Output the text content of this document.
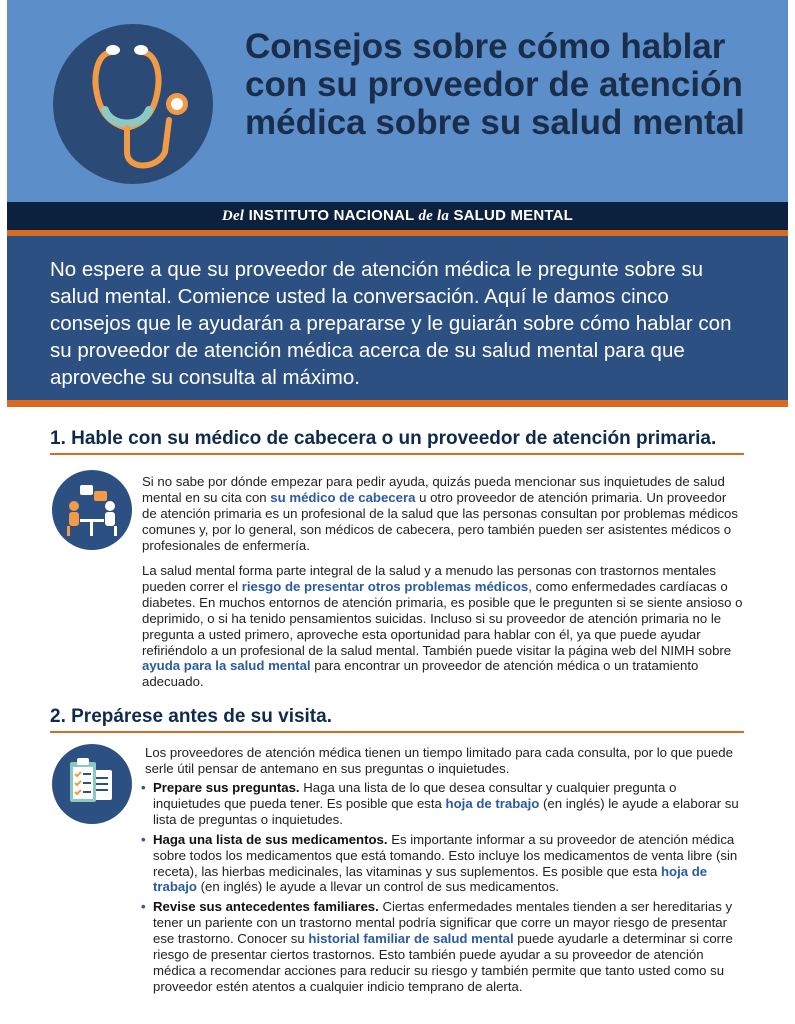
Consejos sobre cómo hablar con su proveedor de atención médica sobre su salud mental
Del INSTITUTO NACIONAL de la SALUD MENTAL

No espere a que su proveedor de atención médica le pregunte sobre su salud mental. Comience usted la conversación. Aquí le damos cinco consejos que le ayudarán a prepararse y le guiarán sobre cómo hablar con su proveedor de atención médica acerca de su salud mental para que aproveche su consulta al máximo.

1. Hable con su médico de cabecera o un proveedor de atención primaria.

Si no sabe por dónde empezar para pedir ayuda, quizás pueda mencionar sus inquietudes de salud mental en su cita con su médico de cabecera u otro proveedor de atención primaria. Un proveedor de atención primaria es un profesional de la salud que las personas consultan por problemas médicos comunes y, por lo general, son médicos de cabecera, pero también pueden ser asistentes médicos o profesionales de enfermería.

La salud mental forma parte integral de la salud y a menudo las personas con trastornos mentales pueden correr el riesgo de presentar otros problemas médicos, como enfermedades cardíacas o diabetes. En muchos entornos de atención primaria, es posible que le pregunten si se siente ansioso o deprimido, o si ha tenido pensamientos suicidas. Incluso si su proveedor de atención primaria no le pregunta a usted primero, aproveche esta oportunidad para hablar con él, ya que puede ayudar refiriéndolo a un profesional de la salud mental. También puede visitar la página web del NIMH sobre ayuda para la salud mental para encontrar un proveedor de atención médica o un tratamiento adecuado.

2. Prepárese antes de su visita.

Los proveedores de atención médica tienen un tiempo limitado para cada consulta, por lo que puede serle útil pensar de antemano en sus preguntas o inquietudes.

• Prepare sus preguntas. Haga una lista de lo que desea consultar y cualquier pregunta o inquietudes que pueda tener. Es posible que esta hoja de trabajo (en inglés) le ayude a elaborar su lista de preguntas o inquietudes.
• Haga una lista de sus medicamentos. Es importante informar a su proveedor de atención médica sobre todos los medicamentos que está tomando. Esto incluye los medicamentos de venta libre (sin receta), las hierbas medicinales, las vitaminas y sus suplementos. Es posible que esta hoja de trabajo (en inglés) le ayude a llevar un control de sus medicamentos.
• Revise sus antecedentes familiares. Ciertas enfermedades mentales tienden a ser hereditarias y tener un pariente con un trastorno mental podría significar que corre un mayor riesgo de presentar ese trastorno. Conocer su historial familiar de salud mental puede ayudarle a determinar si corre riesgo de presentar ciertos trastornos. Esto también puede ayudar a su proveedor de atención médica a recomendar acciones para reducir su riesgo y también permite que tanto usted como su proveedor estén atentos a cualquier indicio temprano de alerta.
